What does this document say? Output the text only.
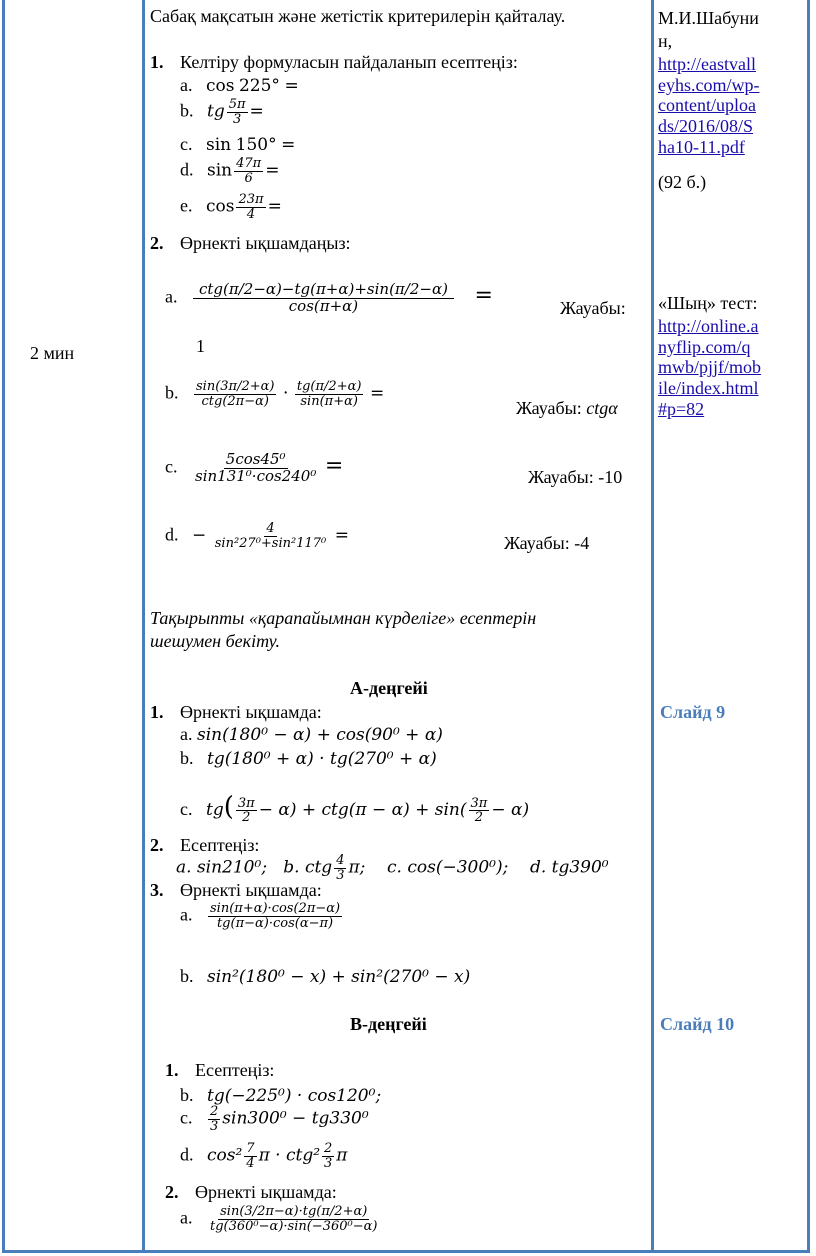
2 мин
Сабақ мақсатын және жетістік критерилерін қайталау.
1. Келтіру формуласын пайдаланып есептеңіз:
a. cos 225° =
b. tg $\frac{5\pi}{3}$ =
c. sin 150° =
d. $\sin \frac{47\pi}{6}$ =
e. $\cos \frac{23\pi}{4}$ =
2. Өрнекті ықшамдаңыз:
a. $\frac{\text{ctg(π/2−α)−tg(π+α)+sin(π/2−α)}}{\cos(\pi+\alpha)}$ =	Жауабы:
1
b. $\frac{\sin(3\pi/2+\alpha)}{\text{ctg(2π−α)}} \cdot \frac{tg(\pi/2+\alpha)}{\sin(\pi+\alpha)}$ =
Жауабы: ctgα
c. $\frac{\text{5cos45⁰}}{\text{sin131⁰·cos240⁰}}$ =	Жауабы: -10
d. − $\frac{4}{\text{sin²27⁰+sin²117⁰}}$ =	Жауабы: -4
Тақырыпты «қарапайымнан күрделіге» есептерін
шешумен бекіту.
А-деңгейі
1. Өрнекті ықшамда:
a. sin(180⁰ − α) + cos(90⁰ + α)
b. tg(180⁰ + α) · tg(270⁰ + α)
c. $tg( \frac{3\pi}{2} - \alpha) + ctg(\pi - \alpha) + \sin( \frac{3\pi}{2} - \alpha)$
2. Есептеңіз:
a. sin210⁰; b. ctg $\frac{4}{3} \pi$; c. cos(−300⁰); d. tg390⁰
3. Өрнекті ықшамда:
a. $\frac{\sin(\pi+\alpha)\cdot\cos(2\pi-\alpha)}{tg(\pi-\alpha)\cdot\cos(\alpha-\pi)}$
b. sin²(180⁰ − x) + sin²(270⁰ − x)
В-деңгейі
1. Есептеңіз:
b. tg(−225⁰) · cos120⁰;
c. $\frac{2}{3} \sin 300^0 - tg330^0$
d. $\cos^2 \frac{7}{4}$ $\pi \cdot ctg^2 \frac{2}{3}$ π
2. Өрнекті ықшамда:
a. $\frac{\sin(3/2\pi-\alpha)\cdot tg(\pi/2+\alpha)}{\text{tg(360⁰−α)·sin(−360⁰−α)}}$
М.И.Шабуни
н,
http://eastvall
eyhs.com/wp-
content/uploa
ds/2016/08/S
ha10-11.pdf
(92 б.)
«Шың» тест:
http://online.a
nyflip.com/q
mwb/pjjf/mob
ile/index.html
#p=82
Слайд 9
Слайд 10
